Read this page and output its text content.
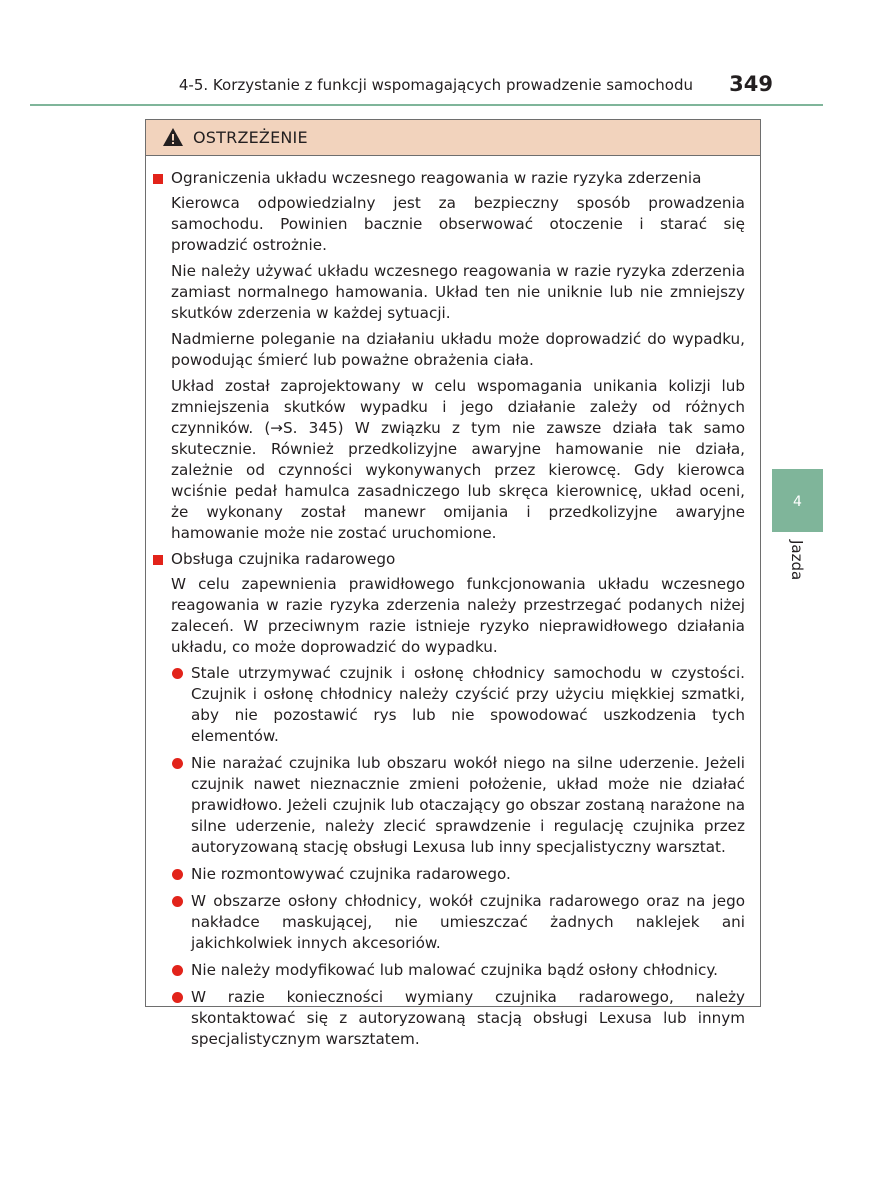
4-5. Korzystanie z funkcji wspomagających prowadzenie samochodu 349
4
Jazda
OSTRZEŻENIE
Ograniczenia układu wczesnego reagowania w razie ryzyka zderzenia
Kierowca odpowiedzialny jest za bezpieczny sposób prowadzenia samochodu. Powinien bacznie obserwować otoczenie i starać się prowadzić ostrożnie.
Nie należy używać układu wczesnego reagowania w razie ryzyka zderzenia zamiast normalnego hamowania. Układ ten nie uniknie lub nie zmniejszy skutków zderzenia w każdej sytuacji.
Nadmierne poleganie na działaniu układu może doprowadzić do wypadku, powodując śmierć lub poważne obrażenia ciała.
Układ został zaprojektowany w celu wspomagania unikania kolizji lub zmniejszenia skutków wypadku i jego działanie zależy od różnych czynników. (→S. 345) W związku z tym nie zawsze działa tak samo skutecznie. Również przedkolizyjne awaryjne hamowanie nie działa, zależnie od czynności wykonywanych przez kierowcę. Gdy kierowca wciśnie pedał hamulca zasadniczego lub skręca kierownicę, układ oceni, że wykonany został manewr omijania i przedkolizyjne awaryjne hamowanie może nie zostać uruchomione.
Obsługa czujnika radarowego
W celu zapewnienia prawidłowego funkcjonowania układu wczesnego reagowania w razie ryzyka zderzenia należy przestrzegać podanych niżej zaleceń. W przeciwnym razie istnieje ryzyko nieprawidłowego działania układu, co może doprowadzić do wypadku.
Stale utrzymywać czujnik i osłonę chłodnicy samochodu w czystości. Czujnik i osłonę chłodnicy należy czyścić przy użyciu miękkiej szmatki, aby nie pozostawić rys lub nie spowodować uszkodzenia tych elementów.
Nie narażać czujnika lub obszaru wokół niego na silne uderzenie. Jeżeli czujnik nawet nieznacznie zmieni położenie, układ może nie działać prawidłowo. Jeżeli czujnik lub otaczający go obszar zostaną narażone na silne uderzenie, należy zlecić sprawdzenie i regulację czujnika przez autoryzowaną stację obsługi Lexusa lub inny specjalistyczny warsztat.
Nie rozmontowywać czujnika radarowego.
W obszarze osłony chłodnicy, wokół czujnika radarowego oraz na jego nakładce maskującej, nie umieszczać żadnych naklejek ani jakichkolwiek innych akcesoriów.
Nie należy modyfikować lub malować czujnika bądź osłony chłodnicy.
W razie konieczności wymiany czujnika radarowego, należy skontaktować się z autoryzowaną stacją obsługi Lexusa lub innym specjalistycznym warsztatem.
